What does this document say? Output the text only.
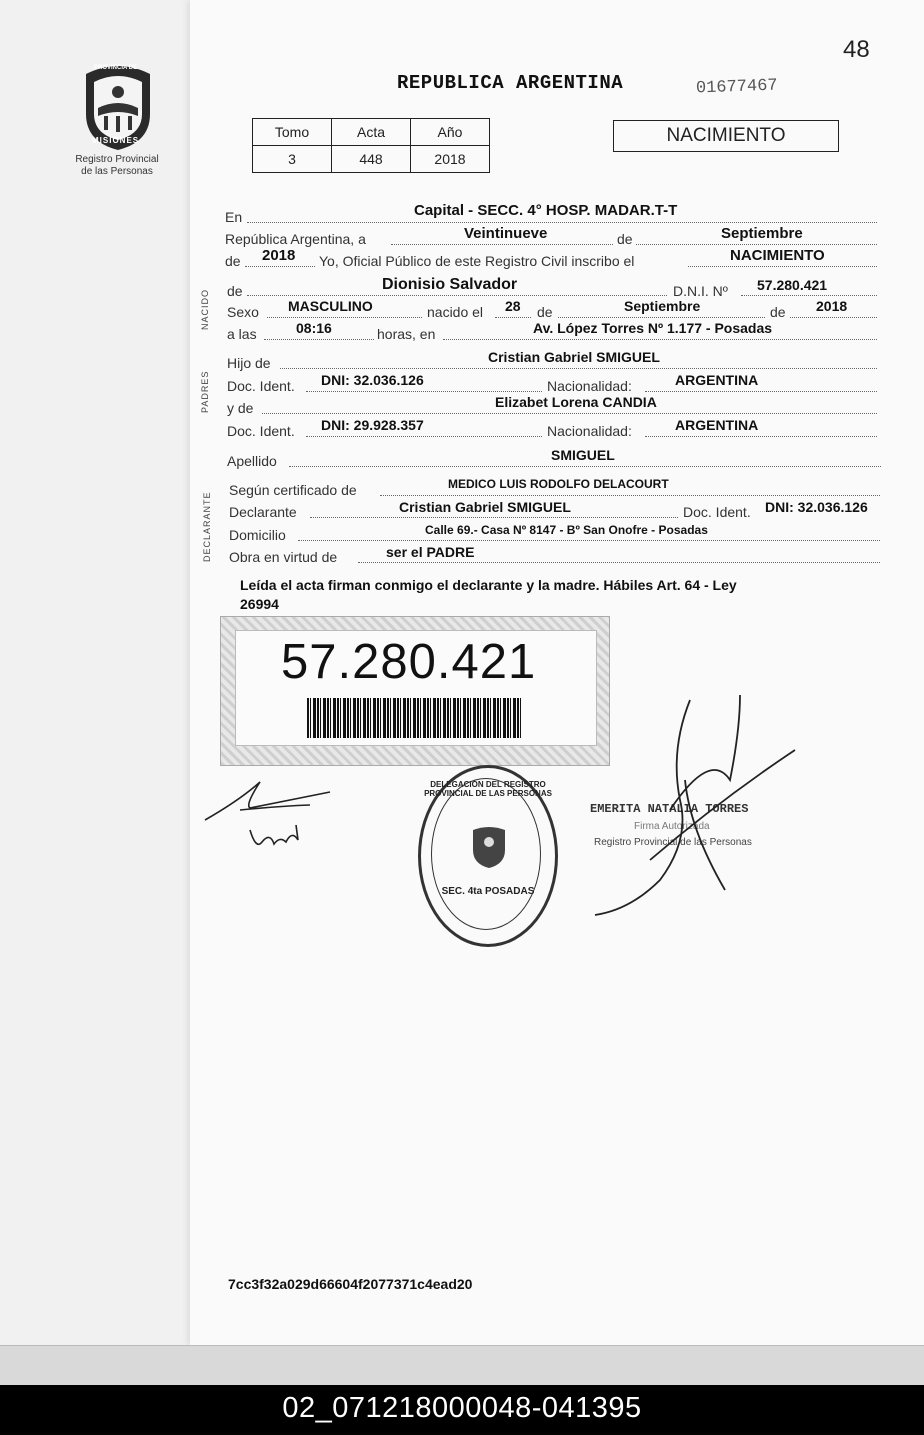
48
PROVINCIA DE
MISIONES
Registro Provincial
de las Personas
REPUBLICA ARGENTINA	01677467
Tomo	Acta	Año
3	448	2018
NACIMIENTO
NACIDO
PADRES
DECLARANTE
En	Capital - SECC. 4° HOSP. MADAR.T-T
República Argentina, a	Veintinueve	de	Septiembre
de 2018 Yo, Oficial Público de este Registro Civil inscribo el	NACIMIENTO
de	Dionisio Salvador	D.N.I. Nº 57.280.421
Sexo MASCULINO	nacido el 28 de	Septiembre	de 2018
a las	08:16	horas, en	Av. López Torres Nº 1.177 - Posadas
Hijo de	Cristian Gabriel SMIGUEL
Doc. Ident. DNI: 32.036.126	Nacionalidad:	ARGENTINA
y de	Elizabet Lorena CANDIA
Doc. Ident. DNI: 29.928.357	Nacionalidad:	ARGENTINA
Apellido	SMIGUEL
Según certificado de	MEDICO LUIS RODOLFO DELACOURT
Declarante	Cristian Gabriel SMIGUEL	Doc. Ident. DNI: 32.036.126
Domicilio	Calle 69.- Casa Nº 8147 - Bº San Onofre - Posadas
Obra en virtud de	ser el PADRE
Leída el acta firman conmigo el declarante y la madre. Hábiles Art. 64 - Ley
26994
57.280.421
DELEGACIÓN DEL REGISTRO PROVINCIAL DE LAS PERSONAS
SEC. 4ta POSADAS
EMERITA NATALIA TORRES
Firma Autorizada
Registro Provincial de las Personas
7cc3f32a029d66604f2077371c4ead20
02_071218000048-041395
